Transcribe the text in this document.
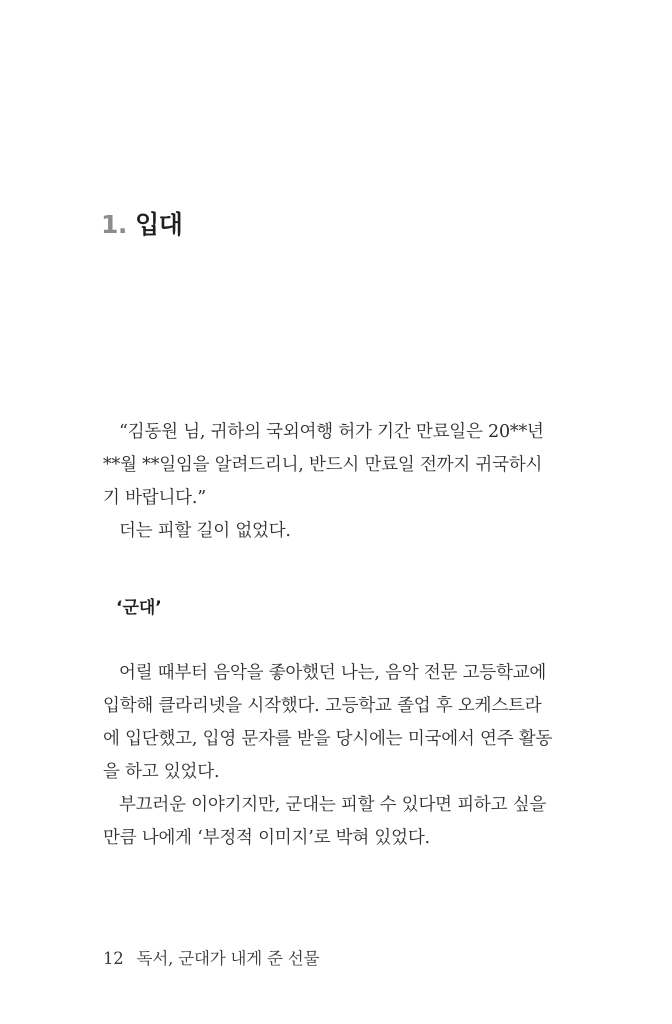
1. 입대

“김동원 님, 귀하의 국외여행 허가 기간 만료일은 20**년 **월 **일임을 알려드리니, 반드시 만료일 전까지 귀국하시기 바랍니다.”

더는 피할 길이 없었다.

‘군대’

어릴 때부터 음악을 좋아했던 나는, 음악 전문 고등학교에 입학해 클라리넷을 시작했다. 고등학교 졸업 후 오케스트라에 입단했고, 입영 문자를 받을 당시에는 미국에서 연주 활동을 하고 있었다.

부끄러운 이야기지만, 군대는 피할 수 있다면 피하고 싶을 만큼 나에게 ‘부정적 이미지’로 박혀 있었다.

12 독서, 군대가 내게 준 선물
